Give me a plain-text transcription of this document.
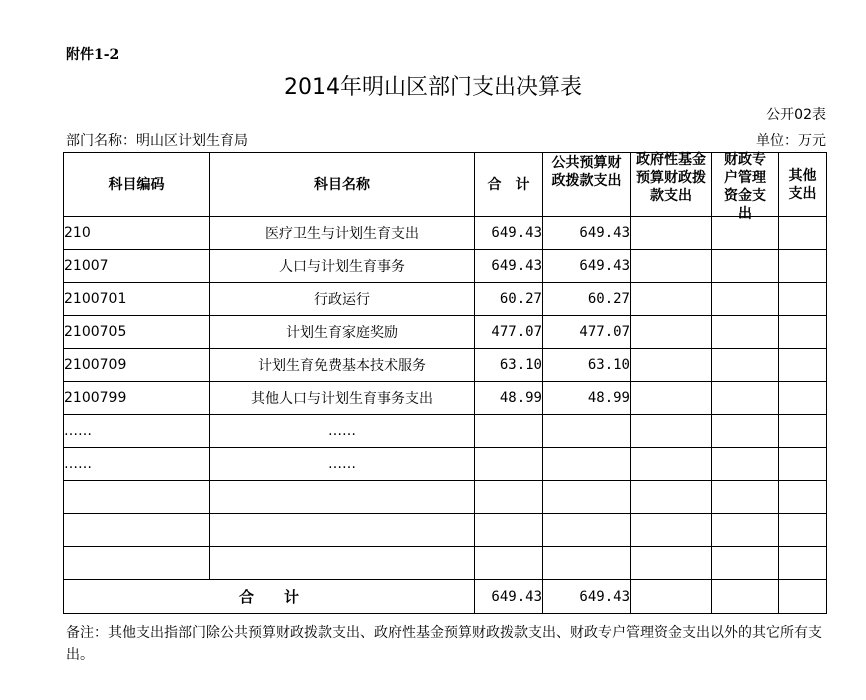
附件1-2
2014年明山区部门支出决算表
公开02表
部门名称：明山区计划生育局	单位：万元
科目编码	科目名称	合　计	公共预算财政拨款支出	政府性基金预算财政拨款支出	财政专户管理资金支出	其他支出

210	医疗卫生与计划生育支出	649.43	649.43			
21007	人口与计划生育事务	649.43	649.43			
2100701	行政运行	60.27	60.27			
2100705	计划生育家庭奖励	477.07	477.07			
2100709	计划生育免费基本技术服务	63.10	63.10			
2100799	其他人口与计划生育事务支出	48.99	48.99			
……	……					
……	……					

合　　计		649.43	649.43			
备注：其他支出指部门除公共预算财政拨款支出、政府性基金预算财政拨款支出、财政专户管理资金支出以外的其它所有支出。
